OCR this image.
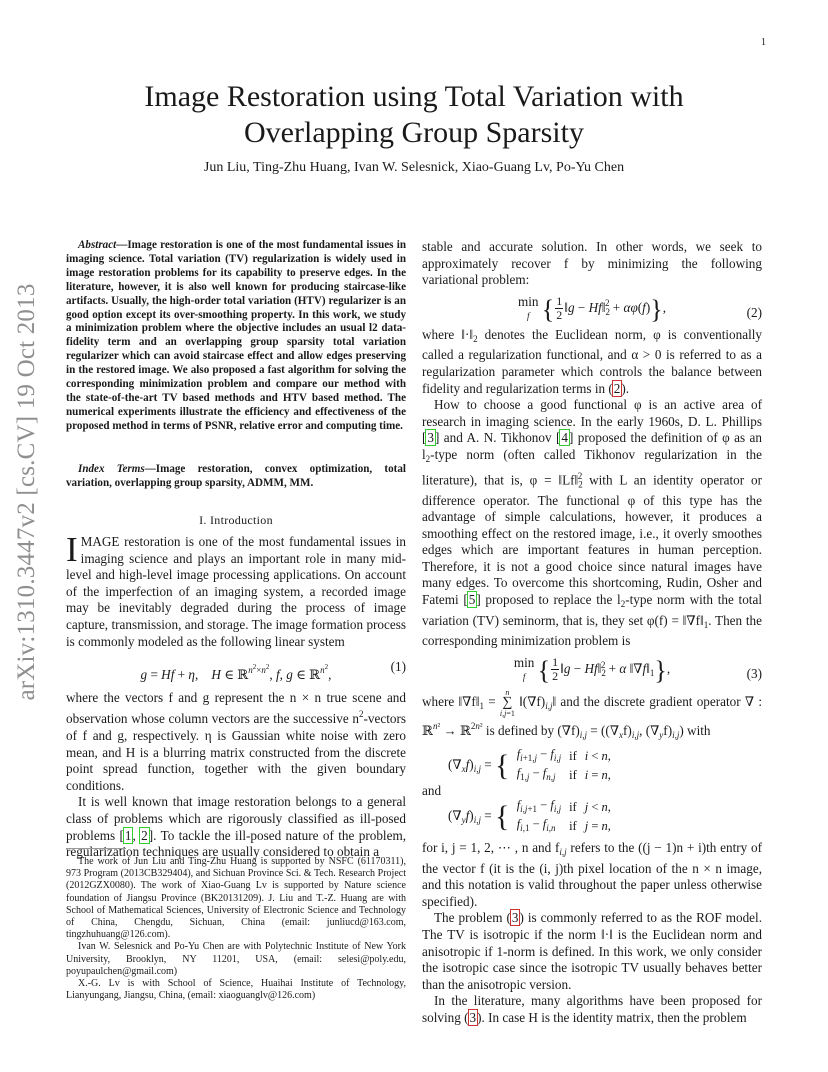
1
arXiv:1310.3447v2 [cs.CV] 19 Oct 2013
Image Restoration using Total Variation with
Overlapping Group Sparsity
Jun Liu, Ting-Zhu Huang, Ivan W. Selesnick, Xiao-Guang Lv, Po-Yu Chen

Abstract—Image restoration is one of the most fundamental issues in imaging science. Total variation (TV) regularization is widely used in image restoration problems for its capability to preserve edges. In the literature, however, it is also well known for producing staircase-like artifacts. Usually, the high-order total variation (HTV) regularizer is an good option except its over-smoothing property. In this work, we study a minimization problem where the objective includes an usual l2 data-fidelity term and an overlapping group sparsity total variation regularizer which can avoid staircase effect and allow edges preserving in the restored image. We also proposed a fast algorithm for solving the corresponding minimization problem and compare our method with the state-of-the-art TV based methods and HTV based method. The numerical experiments illustrate the efficiency and effectiveness of the proposed method in terms of PSNR, relative error and computing time.

Index Terms—Image restoration, convex optimization, total variation, overlapping group sparsity, ADMM, MM.

I. Introduction

IMAGE restoration is one of the most fundamental issues in imaging science and plays an important role in many mid-level and high-level image processing applications. On account of the imperfection of an imaging system, a recorded image may be inevitably degraded during the process of image capture, transmission, and storage. The image formation process is commonly modeled as the following linear system

g = Hf + η,    H ∈ ℝ$^{n^2\times n^2}$, f, g ∈ ℝ$^{n^2}$,
(1)

where the vectors f and g represent the n × n true scene and observation whose column vectors are the successive $n^2$-vectors of f and g, respectively. η is Gaussian white noise with zero mean, and H is a blurring matrix constructed from the discrete point spread function, together with the given boundary conditions.

It is well known that image restoration belongs to a general class of problems which are rigorously classified as ill-posed problems [1, 2]. To tackle the ill-posed nature of the problem, regularization techniques are usually considered to obtain a

The work of Jun Liu and Ting-Zhu Huang is supported by NSFC (61170311), 973 Program (2013CB329404), and Sichuan Province Sci. & Tech. Research Project (2012GZX0080). The work of Xiao-Guang Lv is supported by Nature science foundation of Jiangsu Province (BK20131209). J. Liu and T.-Z. Huang are with School of Mathematical Sciences, University of Electronic Science and Technology of China, Chengdu, Sichuan, China (email: junliucd@163.com, tingzhuhuang@126.com).

Ivan W. Selesnick and Po-Yu Chen are with Polytechnic Institute of New York University, Brooklyn, NY 11201, USA, (email: selesi@poly.edu, poyupaulchen@gmail.com)

X.-G. Lv is with School of Science, Huaihai Institute of Technology, Lianyungang, Jiangsu, China, (email: xiaoguanglv@126.com)

stable and accurate solution. In other words, we seek to approximately recover f by minimizing the following variational problem:

min
f { $\frac{1}{2}$ ‖g − $Hf‖_2^2 + \alpha\varphi(f)$},	(2)

where $‖\cdot‖_2$ denotes the Euclidean norm, φ is conventionally called a regularization functional, and α > 0 is referred to as a regularization parameter which controls the balance between fidelity and regularization terms in (2).

How to choose a good functional φ is an active area of research in imaging science. In the early 1960s, D. L. Phillips [3] and A. N. Tikhonov [4] proposed the definition of φ as an $l_2$-type norm (often called Tikhonov regularization in the literature), that is, $\varphi = ‖Lf‖_2^2$ with L an identity operator or difference operator. The functional φ of this type has the advantage of simple calculations, however, it produces a smoothing effect on the restored image, i.e., it overly smoothes edges which are important features in human perception. Therefore, it is not a good choice since natural images have many edges. To overcome this shortcoming, Rudin, Osher and Fatemi [5] proposed to replace the $l_2$-type norm with the total variation (TV) seminorm, that is, they set $\varphi(f) = ‖\nabla f‖_1$. Then the corresponding minimization problem is

min
f { $\frac{1}{2}$ ‖g − $Hf‖_2^2 + \alpha$ $‖\nabla f‖_1$},	(3)

where $‖\nabla f‖_1 = n$
∑
i,j=1 $‖(\nabla f)_{i,j}‖$ and the discrete gradient operator ∇ : ℝ$^{n^2}$ → ℝ$^{2n^2}$ is defined by $(\nabla f)_{i,j} = ((\nabla_xf)_{i,j}$, $(\nabla_yf)_{i,j}$) with

$(\nabla_xf)_{i,j}$ = { $f_{i+1,j} - f_{i,j}$	if	i < n,
$f_{1,j} - f_{n,j}$	if	i = n,
and
$(\nabla_yf)_{i,j}$ = { $f_{i,j+1} - f_{i,j}$	if	j < n,
$f_{i,1} - f_{i,n}$	if	j = n,

for i, j = 1, 2, ⋯ , n and $f_{i,j}$ refers to the ((j − 1)n + i)th entry of the vector f (it is the (i, j)th pixel location of the n × n image, and this notation is valid throughout the paper unless otherwise specified).

The problem (3) is commonly referred to as the ROF model. The TV is isotropic if the norm ‖·‖ is the Euclidean norm and anisotropic if 1-norm is defined. In this work, we only consider the isotropic case since the isotropic TV usually behaves better than the anisotropic version.

In the literature, many algorithms have been proposed for solving (3). In case H is the identity matrix, then the problem
